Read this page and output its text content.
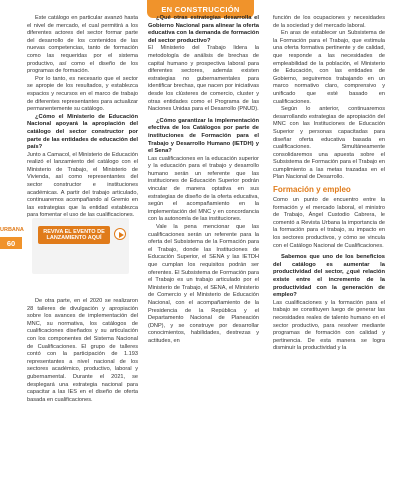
EN CONSTRUCCIÓN
URBANA
60

Este catálogo en particular avanzó hasta el nivel de mercado, el cual permitirá a los diferentes actores del sector formar parte del desarrollo de los contenidos de las nuevas competencias, tanto de formación como las requeridas por el sistema productivo, así como el diseño de los programas de formación.

Por lo tanto, es necesario que el sector se apropie de los resultados, y establezca espacios y recursos en el marco de trabajo de diferentes representantes para actualizar permanentemente su catálogo.

¿Cómo el Ministerio de Educación Nacional apoyará la apropiación del catálogo del sector constructor por parte de las entidades de educación del país?

Junto a Camacol, el Ministerio de Educación realizó el lanzamiento del catálogo con el Ministerio de Trabajo, el Ministerio de Vivienda, así como representantes del sector constructor e instituciones académicas. A partir del trabajo articulado, continuaremos acompañando al Gremio en las estrategias que la entidad establezca para fomentar el uso de las cualificaciones.

REVIVA EL EVENTO DE LANZAMIENTO AQUÍ

De otra parte, en el 2020 se realizaron 28 talleres de divulgación y apropiación sobre los avances de implementación del MNC, su normativa, los catálogos de cualificaciones diseñados y su articulación con los componentes del Sistema Nacional de Cualificaciones. El grupo de talleres contó con la participación de 1.193 representantes a nivel nacional de los sectores académico, productivo, laboral y gubernamental. Durante el 2021, se desplegará una estrategia nacional para capacitar a las IES en el diseño de oferta basada en cualificaciones.

¿Qué otras estrategias desarrolla el Gobierno Nacional para alinear la oferta educativa con la demanda de formación del sector productivo?

El Ministerio del Trabajo lidera la metodología de análisis de brechas de capital humano y prospectiva laboral para diferentes sectores, además existen estrategias no gubernamentales para identificar brechas, que nacen por iniciativas desde los clústeres de comercio, cluster y otras entidades como el Programa de las Naciones Unidas para el Desarrollo (PNUD).

¿Cómo garantizar la implementación efectiva de los Catálogos por parte de instituciones de Formación para el Trabajo y Desarrollo Humano (IETDH) y el Sena?

Las cualificaciones en la educación superior y la educación para el trabajo y desarrollo humano serán un referente que las instituciones de Educación Superior podrán vincular de manera optativa en sus estrategias de diseño de la oferta educativa, según el acompañamiento en la implementación del MNC y en concordancia con la autonomía de las instituciones.

Vale la pena mencionar que las cualificaciones serán un referente para la oferta del Subsistema de la Formación para el Trabajo, donde las Instituciones de Educación Superior, el SENA y las IETDH que cumplan los requisitos podrán ser oferentes. El Subsistema de Formación para el Trabajo es un trabajo articulado por el Ministerio de Trabajo, el SENA, el Ministerio de Comercio y el Ministerio de Educación Nacional, con el acompañamiento de la Presidencia de la República y el Departamento Nacional de Planeación (DNP), y se construye por desarrollar conocimientos, habilidades, destrezas y actitudes, en

función de los ocupaciones y necesidades de la sociedad y del mercado laboral.

En aras de establecer un Subsistema de la Formación para el Trabajo, que estimula una oferta formativa pertinente y de calidad, que responde a las necesidades de empleabilidad de la población, el Ministerio de Educación, con las entidades de Gobierno, seguiremos trabajando en un marco normativo claro, comprensivo y unificado que esté basado en cualificaciones.

Según lo anterior, continuaremos desarrollando estrategias de apropiación del MNC con las Instituciones de Educación Superior y personas capacitadas para diseñar oferta educativa basada en cualificaciones. Simultáneamente consolidaremos una apuesta sobre el Subsistema de Formación para el Trabajo en cumplimiento a las metas trazadas en el Plan Nacional de Desarrollo.

Formación y empleo

Como un punto de encuentro entre la formación y el mercado laboral, el ministro de Trabajo, Ángel Custodio Cabrera, le comentó a Revista Urbana la importancia de la formación para el trabajo, su impacto en los sectores productivos, y cómo se vincula con el Catálogo Nacional de Cualificaciones.

Sabemos que uno de los beneficios del catálogo es aumentar la productividad del sector, ¿qué relación existe entre el incremento de la productividad con la generación de empleo?

Las cualificaciones y la formación para el trabajo se constituyen luego de generar las necesidades reales de talento humano en el sector productivo, para resolver mediante programas de formación con calidad y pertinencia. De esta manera se logra disminuir la productividad y la
